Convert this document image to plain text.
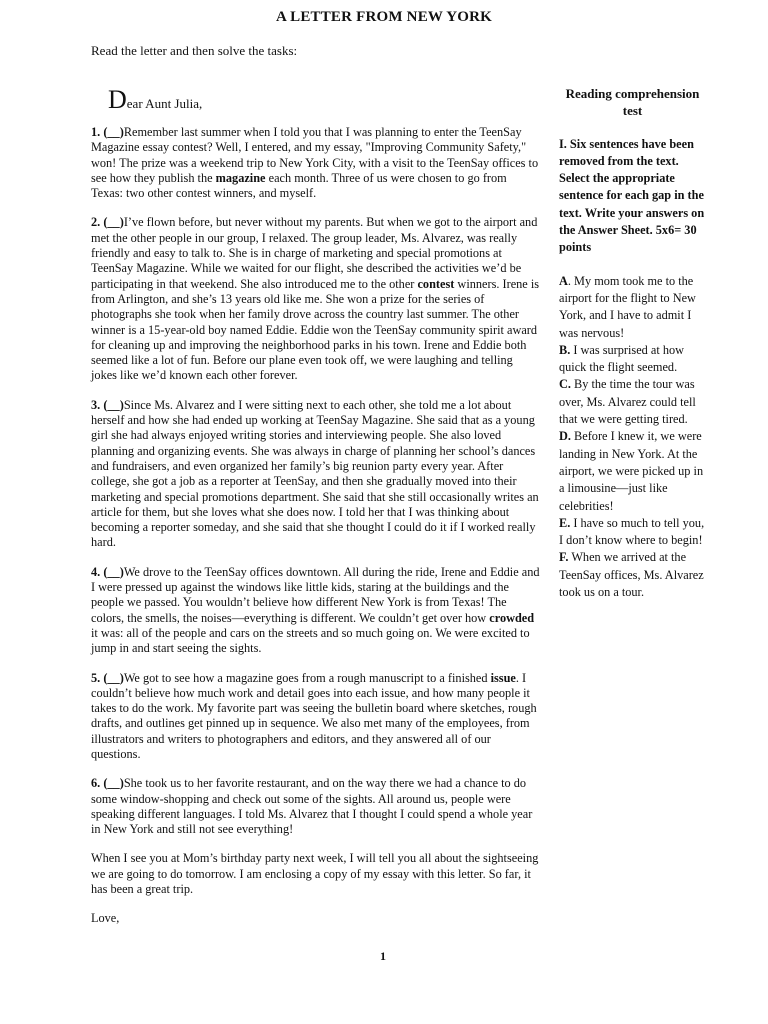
A LETTER FROM NEW YORK
Read the letter and then solve the tasks:
Dear Aunt Julia,

1. (__)Remember last summer when I told you that I was planning to enter the TeenSay Magazine essay contest? Well, I entered, and my essay, "Improving Community Safety," won! The prize was a weekend trip to New York City, with a visit to the TeenSay offices to see how they publish the magazine each month. Three of us were chosen to go from Texas: two other contest winners, and myself.

2. (__)I’ve flown before, but never without my parents. But when we got to the airport and met the other people in our group, I relaxed. The group leader, Ms. Alvarez, was really friendly and easy to talk to. She is in charge of marketing and special promotions at TeenSay Magazine. While we waited for our flight, she described the activities we’d be participating in that weekend. She also introduced me to the other contest winners. Irene is from Arlington, and she’s 13 years old like me. She won a prize for the series of photographs she took when her family drove across the country last summer. The other winner is a 15-year-old boy named Eddie. Eddie won the TeenSay community spirit award for cleaning up and improving the neighborhood parks in his town. Irene and Eddie both seemed like a lot of fun. Before our plane even took off, we were laughing and telling jokes like we’d known each other forever.

3. (__)Since Ms. Alvarez and I were sitting next to each other, she told me a lot about herself and how she had ended up working at TeenSay Magazine. She said that as a young girl she had always enjoyed writing stories and interviewing people. She also loved planning and organizing events. She was always in charge of planning her school’s dances and fundraisers, and even organized her family’s big reunion party every year. After college, she got a job as a reporter at TeenSay, and then she gradually moved into their marketing and special promotions department. She said that she still occasionally writes an article for them, but she loves what she does now. I told her that I was thinking about becoming a reporter someday, and she said that she thought I could do it if I worked really hard.

4. (__)We drove to the TeenSay offices downtown. All during the ride, Irene and Eddie and I were pressed up against the windows like little kids, staring at the buildings and the people we passed. You wouldn’t believe how different New York is from Texas! The colors, the smells, the noises—everything is different. We couldn’t get over how crowded it was: all of the people and cars on the streets and so much going on. We were excited to jump in and start seeing the sights.

5. (__)We got to see how a magazine goes from a rough manuscript to a finished issue. I couldn’t believe how much work and detail goes into each issue, and how many people it takes to do the work. My favorite part was seeing the bulletin board where sketches, rough drafts, and outlines get pinned up in sequence. We also met many of the employees, from illustrators and writers to photographers and editors, and they answered all of our questions.

6. (__)She took us to her favorite restaurant, and on the way there we had a chance to do some window-shopping and check out some of the sights. All around us, people were speaking different languages. I told Ms. Alvarez that I thought I could spend a whole year in New York and still not see everything!

When I see you at Mom’s birthday party next week, I will tell you all about the sightseeing we are going to do tomorrow. I am enclosing a copy of my essay with this letter. So far, it has been a great trip.

Love,

1
Reading comprehension test
I. Six sentences have been removed from the text. Select the appropriate sentence for each gap in the text. Write your answers on the Answer Sheet. 5x6= 30 points

A. My mom took me to the airport for the flight to New York, and I have to admit I was nervous!

B. I was surprised at how quick the flight seemed.

C. By the time the tour was over, Ms. Alvarez could tell that we were getting tired.

D. Before I knew it, we were landing in New York. At the airport, we were picked up in a limousine—just like celebrities!

E. I have so much to tell you, I don’t know where to begin!

F. When we arrived at the TeenSay offices, Ms. Alvarez took us on a tour.
